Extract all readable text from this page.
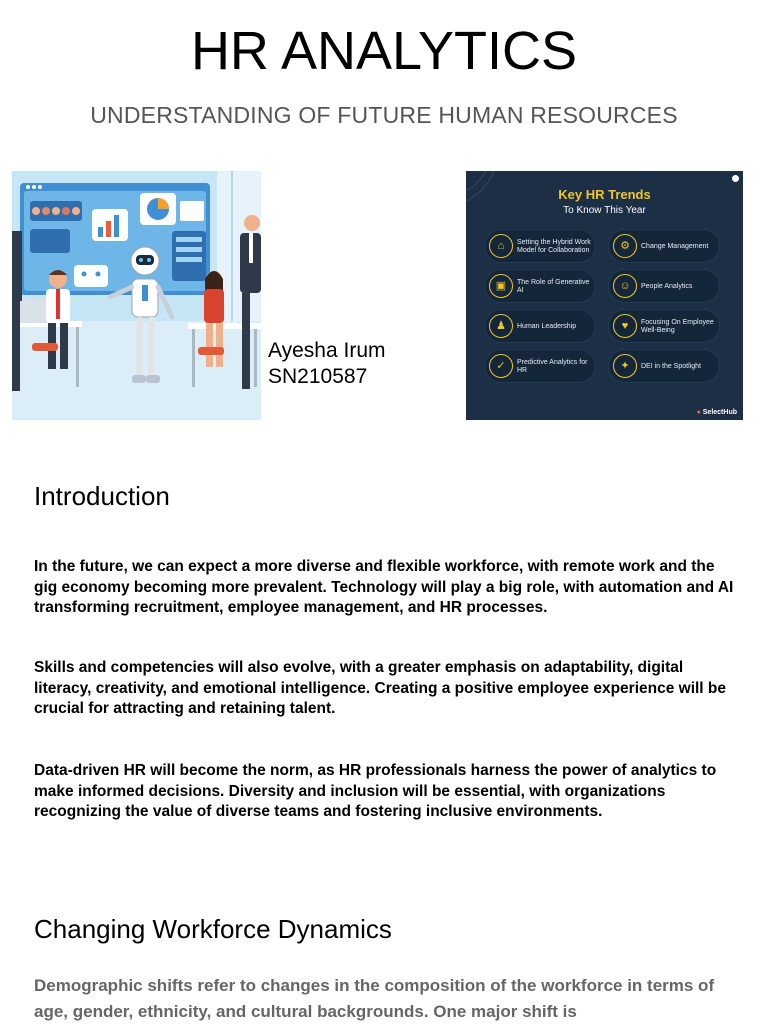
HR ANALYTICS
UNDERSTANDING OF FUTURE HUMAN RESOURCES
Ayesha Irum
SN210587
Key HR Trends
To Know This Year
⌂	Setting the Hybrid Work Model for Collaboration	⚙	Change Management
▣	The Role of Generative AI	☺	People Analytics
♟	Human Leadership	♥	Focusing On Employee Well-Being
✓	Predictive Analytics for HR	✦	DEI in the Spotlight
● SelectHub
Introduction

In the future, we can expect a more diverse and flexible workforce, with remote work and the gig economy becoming more prevalent. Technology will play a big role, with automation and AI transforming recruitment, employee management, and HR processes.

Skills and competencies will also evolve, with a greater emphasis on adaptability, digital literacy, creativity, and emotional intelligence. Creating a positive employee experience will be crucial for attracting and retaining talent.

Data-driven HR will become the norm, as HR professionals harness the power of analytics to make informed decisions. Diversity and inclusion will be essential, with organizations recognizing the value of diverse teams and fostering inclusive environments.

Changing Workforce Dynamics

Demographic shifts refer to changes in the composition of the workforce in terms of age, gender, ethnicity, and cultural backgrounds. One major shift is
